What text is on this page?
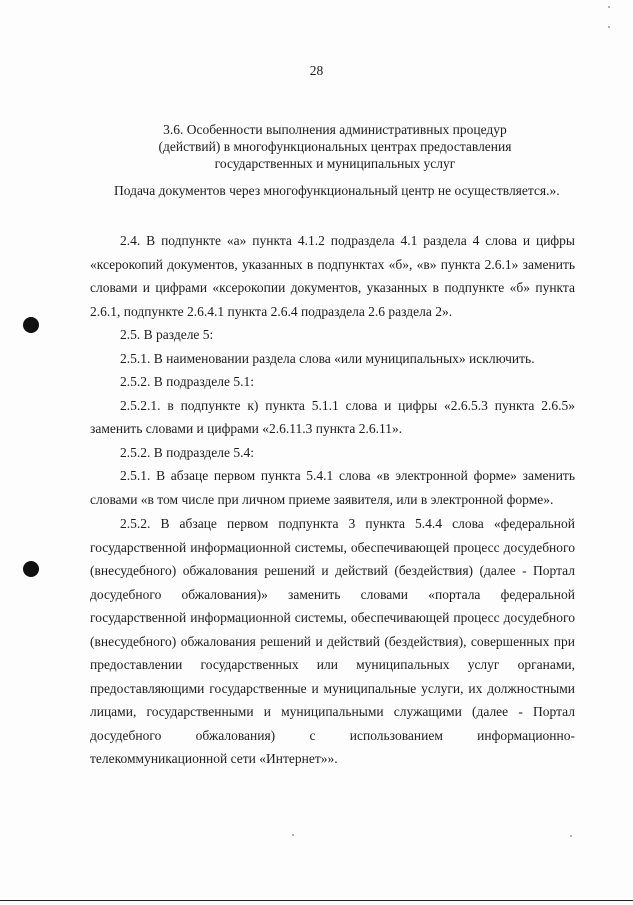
28
3.6. Особенности выполнения административных процедур
(действий) в многофункциональных центрах предоставления
государственных и муниципальных услуг

Подача документов через многофункциональный центр не осуществляется.».

2.4. В подпункте «а» пункта 4.1.2 подраздела 4.1 раздела 4 слова и цифры «ксерокопий документов, указанных в подпунктах «б», «в» пункта 2.6.1» заменить словами и цифрами «ксерокопии документов, указанных в подпункте «б» пункта 2.6.1, подпункте 2.6.4.1 пункта 2.6.4 подраздела 2.6 раздела 2».

2.5. В разделе 5:

2.5.1. В наименовании раздела слова «или муниципальных» исключить.

2.5.2. В подразделе 5.1:

2.5.2.1. в подпункте к) пункта 5.1.1 слова и цифры «2.6.5.3 пункта 2.6.5» заменить словами и цифрами «2.6.11.3 пункта 2.6.11».

2.5.2. В подразделе 5.4:

2.5.1. В абзаце первом пункта 5.4.1 слова «в электронной форме» заменить словами «в том числе при личном приеме заявителя, или в электронной форме».

2.5.2. В абзаце первом подпункта 3 пункта 5.4.4 слова «федеральной государственной информационной системы, обеспечивающей процесс досудебного (внесудебного) обжалования решений и действий (бездействия) (далее - Портал досудебного обжалования)» заменить словами «портала федеральной государственной информационной системы, обеспечивающей процесс досудебного (внесудебного) обжалования решений и действий (бездействия), совершенных при предоставлении государственных или муниципальных услуг органами, предоставляющими государственные и муниципальные услуги, их должностными лицами, государственными и муниципальными служащими (далее - Портал досудебного обжалования) с использованием информационно-телекоммуникационной сети «Интернет»».
